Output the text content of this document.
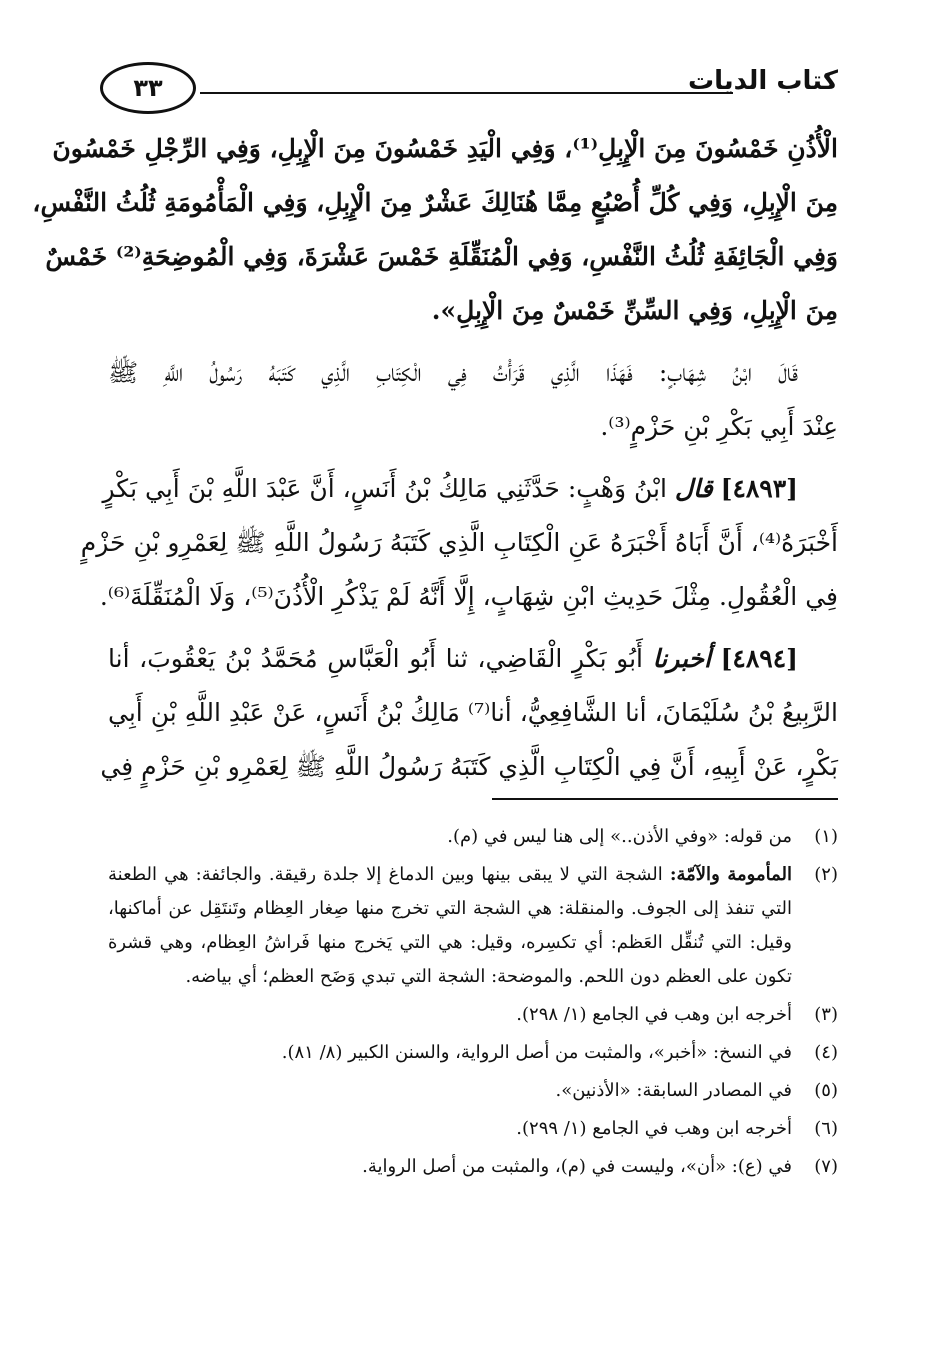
كتاب الديات
٣٣
الْأُذُنِ خَمْسُونَ مِنَ الْإِبِلِ⁽¹⁾، وَفِي الْيَدِ خَمْسُونَ مِنَ الْإِبِلِ، وَفِي الرِّجْلِ خَمْسُونَ
مِنَ الْإِبِلِ، وَفِي كُلِّ أُصْبُعٍ مِمَّا هُنَالِكَ عَشْرٌ مِنَ الْإِبِلِ، وَفِي الْمَأْمُومَةِ ثُلُثُ النَّفْسِ،
وَفِي الْجَائِفَةِ ثُلُثُ النَّفْسِ، وَفِي الْمُنَقِّلَةِ خَمْسَ عَشْرَةَ، وَفِي الْمُوضِحَةِ⁽²⁾ خَمْسٌ
مِنَ الْإِبِلِ، وَفِي السِّنِّ خَمْسٌ مِنَ الْإِبِلِ».
قَالَ ابْنُ شِهَابٍ: فَهَذَا الَّذِي قَرَأْتُ فِي الْكِتَابِ الَّذِي كَتَبَهُ رَسُولُ اللَّهِ ﷺ
عِنْدَ أَبِي بَكْرِ بْنِ حَزْمٍ⁽³⁾.
[٤٨٩٣] قال ابْنُ وَهْبٍ: حَدَّثَنِي مَالِكُ بْنُ أَنَسٍ، أَنَّ عَبْدَ اللَّهِ بْنَ أَبِي بَكْرٍ
أَخْبَرَهُ⁽⁴⁾، أَنَّ أَبَاهُ أَخْبَرَهُ عَنِ الْكِتَابِ الَّذِي كَتَبَهُ رَسُولُ اللَّهِ ﷺ لِعَمْرِو بْنِ حَزْمٍ
فِي الْعُقُولِ. مِثْلَ حَدِيثِ ابْنِ شِهَابٍ، إِلَّا أَنَّهُ لَمْ يَذْكُرِ الْأُذُنَ⁽⁵⁾، وَلَا الْمُنَقِّلَةَ⁽⁶⁾.
[٤٨٩٤] أخبرنا أَبُو بَكْرٍ الْقَاضِي، ثنا أَبُو الْعَبَّاسِ مُحَمَّدُ بْنُ يَعْقُوبَ، أنا
الرَّبِيعُ بْنُ سُلَيْمَانَ، أنا الشَّافِعِيُّ، أنا⁽⁷⁾ مَالِكُ بْنُ أَنَسٍ، عَنْ عَبْدِ اللَّهِ بْنِ أَبِي
بَكْرٍ، عَنْ أَبِيهِ، أَنَّ فِي الْكِتَابِ الَّذِي كَتَبَهُ رَسُولُ اللَّهِ ﷺ لِعَمْرِو بْنِ حَزْمٍ فِي
(١)
من قوله: «وفي الأذن..» إلى هنا ليس في (م).
(٢)
المأمومة والآمّة: الشجة التي لا يبقى بينها وبين الدماغ إلا جلدة رقيقة. والجائفة: هي الطعنة التي تنفذ إلى الجوف. والمنقلة: هي الشجة التي تخرج منها صِغار العِظام وتَنتَقِل عن أماكنها، وقيل: التي تُنقِّل العَظم: أي تكسِره، وقيل: هي التي يَخرج منها فَراشُ العِظام، وهي قشرة تكون على العظم دون اللحم. والموضحة: الشجة التي تبدي وَضَح العظم؛ أي بياضه.
(٣)
أخرجه ابن وهب في الجامع (١/ ٢٩٨).
(٤)
في النسخ: «أخبر»، والمثبت من أصل الرواية، والسنن الكبير (٨/ ٨١).
(٥)
في المصادر السابقة: «الأذنين».
(٦)
أخرجه ابن وهب في الجامع (١/ ٢٩٩).
(٧)
في (ع): «أن»، وليست في (م)، والمثبت من أصل الرواية.
